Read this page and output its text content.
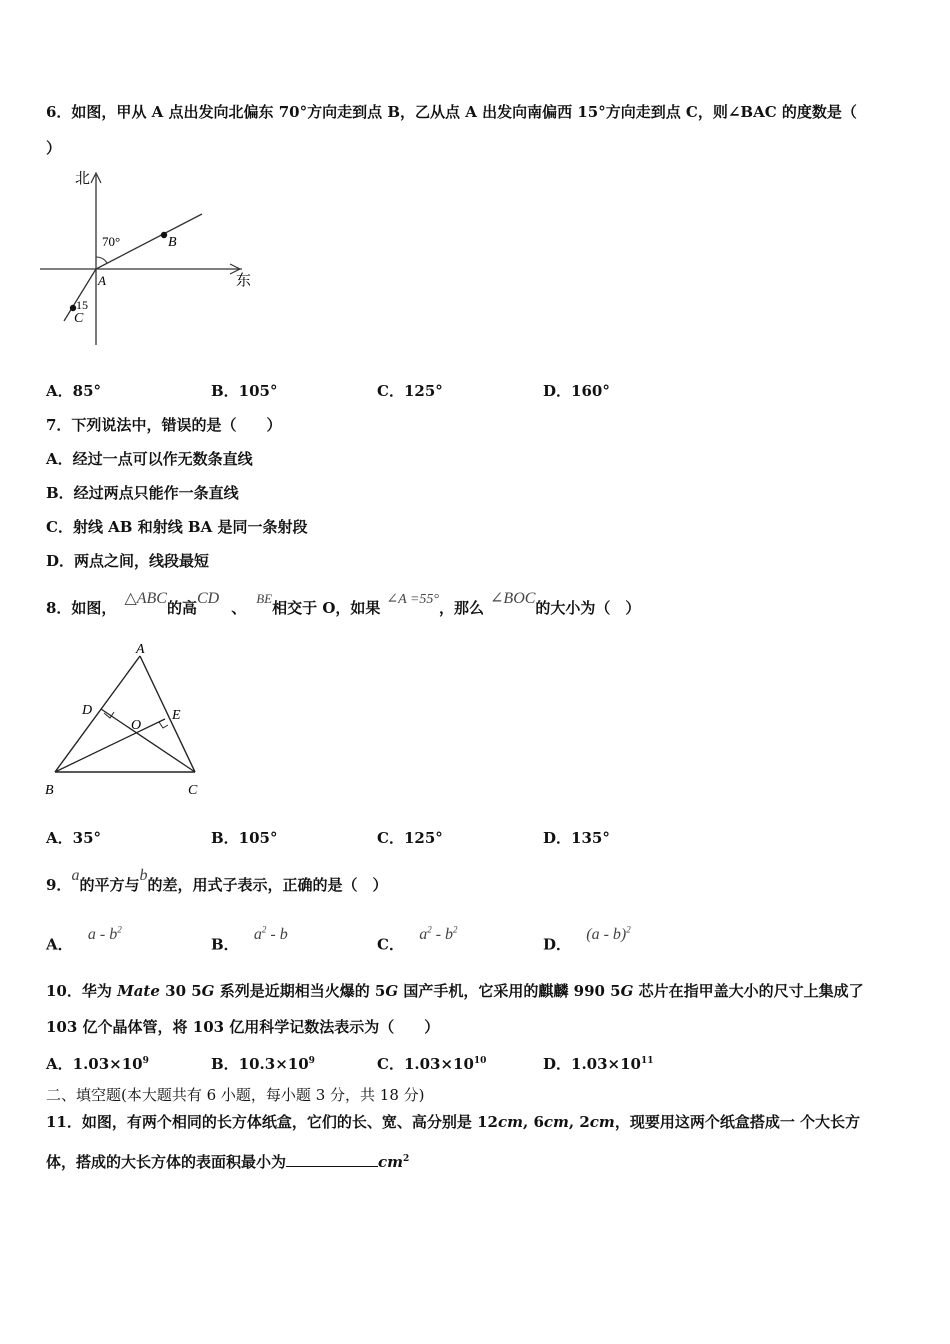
6．如图，甲从 A 点出发向北偏东 70°方向走到点 B，乙从点 A 出发向南偏西 15°方向走到点 C，则∠BAC 的度数是（
）
北
东
70°
A
B
15
C
A．85°	B．105°	C．125°	D．160°
7．下列说法中，错误的是（　　）
A．经过一点可以作无数条直线
B．经过两点只能作一条直线
C．射线 AB 和射线 BA 是同一条射段
D．两点之间，线段最短
8．如图，△ABC的高CD、BE相交于 O，如果 ∠A =55°，那么∠BOC的大小为（　）
A
B	C
D	E
O
A．35°	B．105°	C．125°	D．135°
9．a的平方与b的差，用式子表示，正确的是（　）
A． a - $b^2$
B． $a^2$ - b
C． $a^2 - b^2$
D． (a - b)$^2$
10．华为 Mate 30 5G 系列是近期相当火爆的 5G 国产手机，它采用的麒麟 990 5G 芯片在指甲盖大小的尺寸上集成了
103 亿个晶体管，将 103 亿用科学记数法表示为（　　）
A．$1.03\times 10^9$	B．$10.3\times 10^9$	C．$1.03\times 10^{10}$	D．$1.03\times 10^{11}$
二、填空题(本大题共有 6 小题，每小题 3 分，共 18 分)
11．如图，有两个相同的长方体纸盒，它们的长、宽、高分别是 12cm, 6cm, 2cm，现要用这两个纸盒搭成一 个大长方
体，搭成的大长方体的表面积最小为	$cm^2$
